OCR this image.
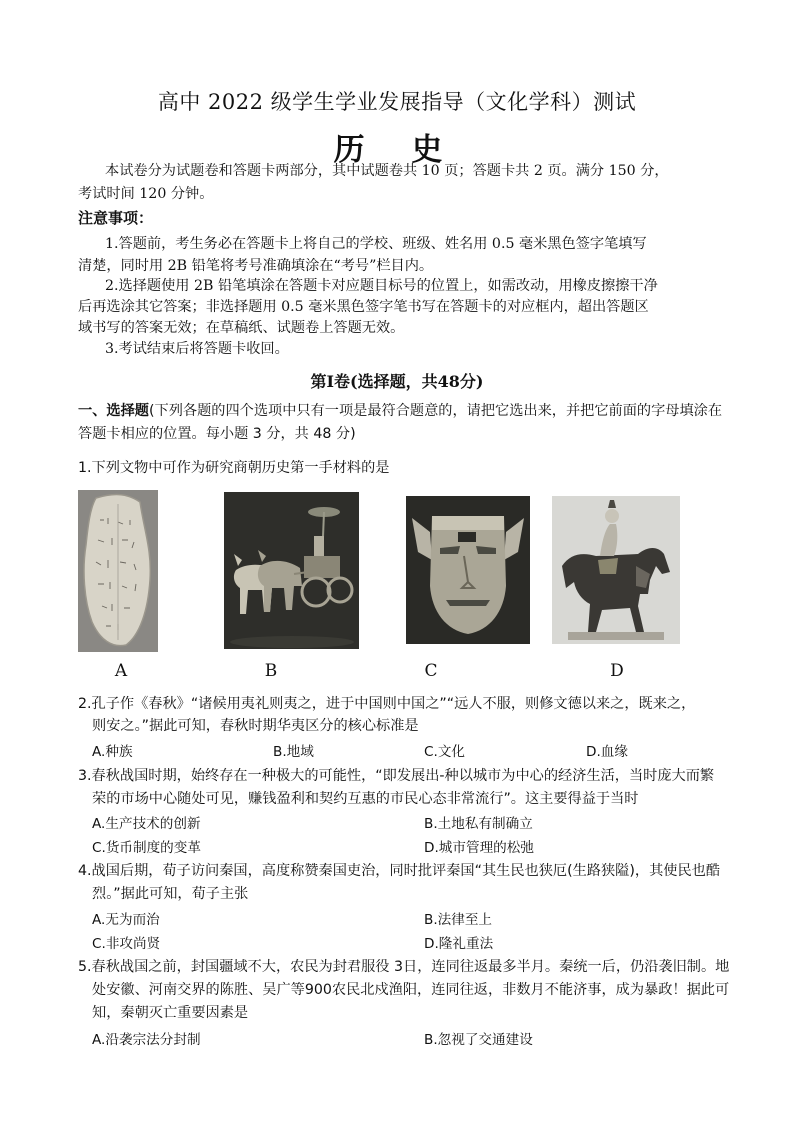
高中 2022 级学生学业发展指导（文化学科）测试
历 史
本试卷分为试题卷和答题卡两部分，其中试题卷共 10 页；答题卡共 2 页。满分 150 分，
考试时间 120 分钟。
注意事项：
1.答题前，考生务必在答题卡上将自己的学校、班级、姓名用 0.5 毫米黑色签字笔填写
清楚，同时用 2B 铅笔将考号准确填涂在“考号”栏目内。
2.选择题使用 2B 铅笔填涂在答题卡对应题目标号的位置上，如需改动，用橡皮擦擦干净
后再选涂其它答案；非选择题用 0.5 毫米黑色签字笔书写在答题卡的对应框内，超出答题区
域书写的答案无效；在草稿纸、试题卷上答题无效。
3.考试结束后将答题卡收回。
第Ⅰ卷(选择题，共48分)
一、选择题(下列各题的四个选项中只有一项是最符合题意的，请把它选出来，并把它前面的字母填涂在
答题卡相应的位置。每小题 3 分，共 48 分)
1.下列文物中可作为研究商朝历史第一手材料的是
A	B	C	D
2.孔子作《春秋》“诸候用夷礼则夷之，进于中国则中国之”“远人不服，则修文德以来之，既来之，
则安之。”据此可知，春秋时期华夷区分的核心标准是
A.种族	B.地域	C.文化	D.血缘
3.春秋战国时期，始终存在一种极大的可能性，“即发展出-种以城市为中心的经济生活，当时庞大而繁
荣的市场中心随处可见，赚钱盈利和契约互惠的市民心态非常流行”。这主要得益于当时
A.生产技术的创新	B.土地私有制确立
C.货币制度的变革	D.城市管理的松弛
4.战国后期，荀子访问秦国，高度称赞秦国吏治，同时批评秦国“其生民也狭厄(生路狭隘)，其使民也酷
烈。”据此可知，荀子主张
A.无为而治	B.法律至上
C.非攻尚贤	D.隆礼重法
5.春秋战国之前，封国疆域不大，农民为封君服役 3日，连同往返最多半月。秦统一后，仍沿袭旧制。地
处安徽、河南交界的陈胜、吴广等900农民北戍渔阳，连同往返，非数月不能济事，成为暴政！据此可
知，秦朝灭亡重要因素是
A.沿袭宗法分封制	B.忽视了交通建设
